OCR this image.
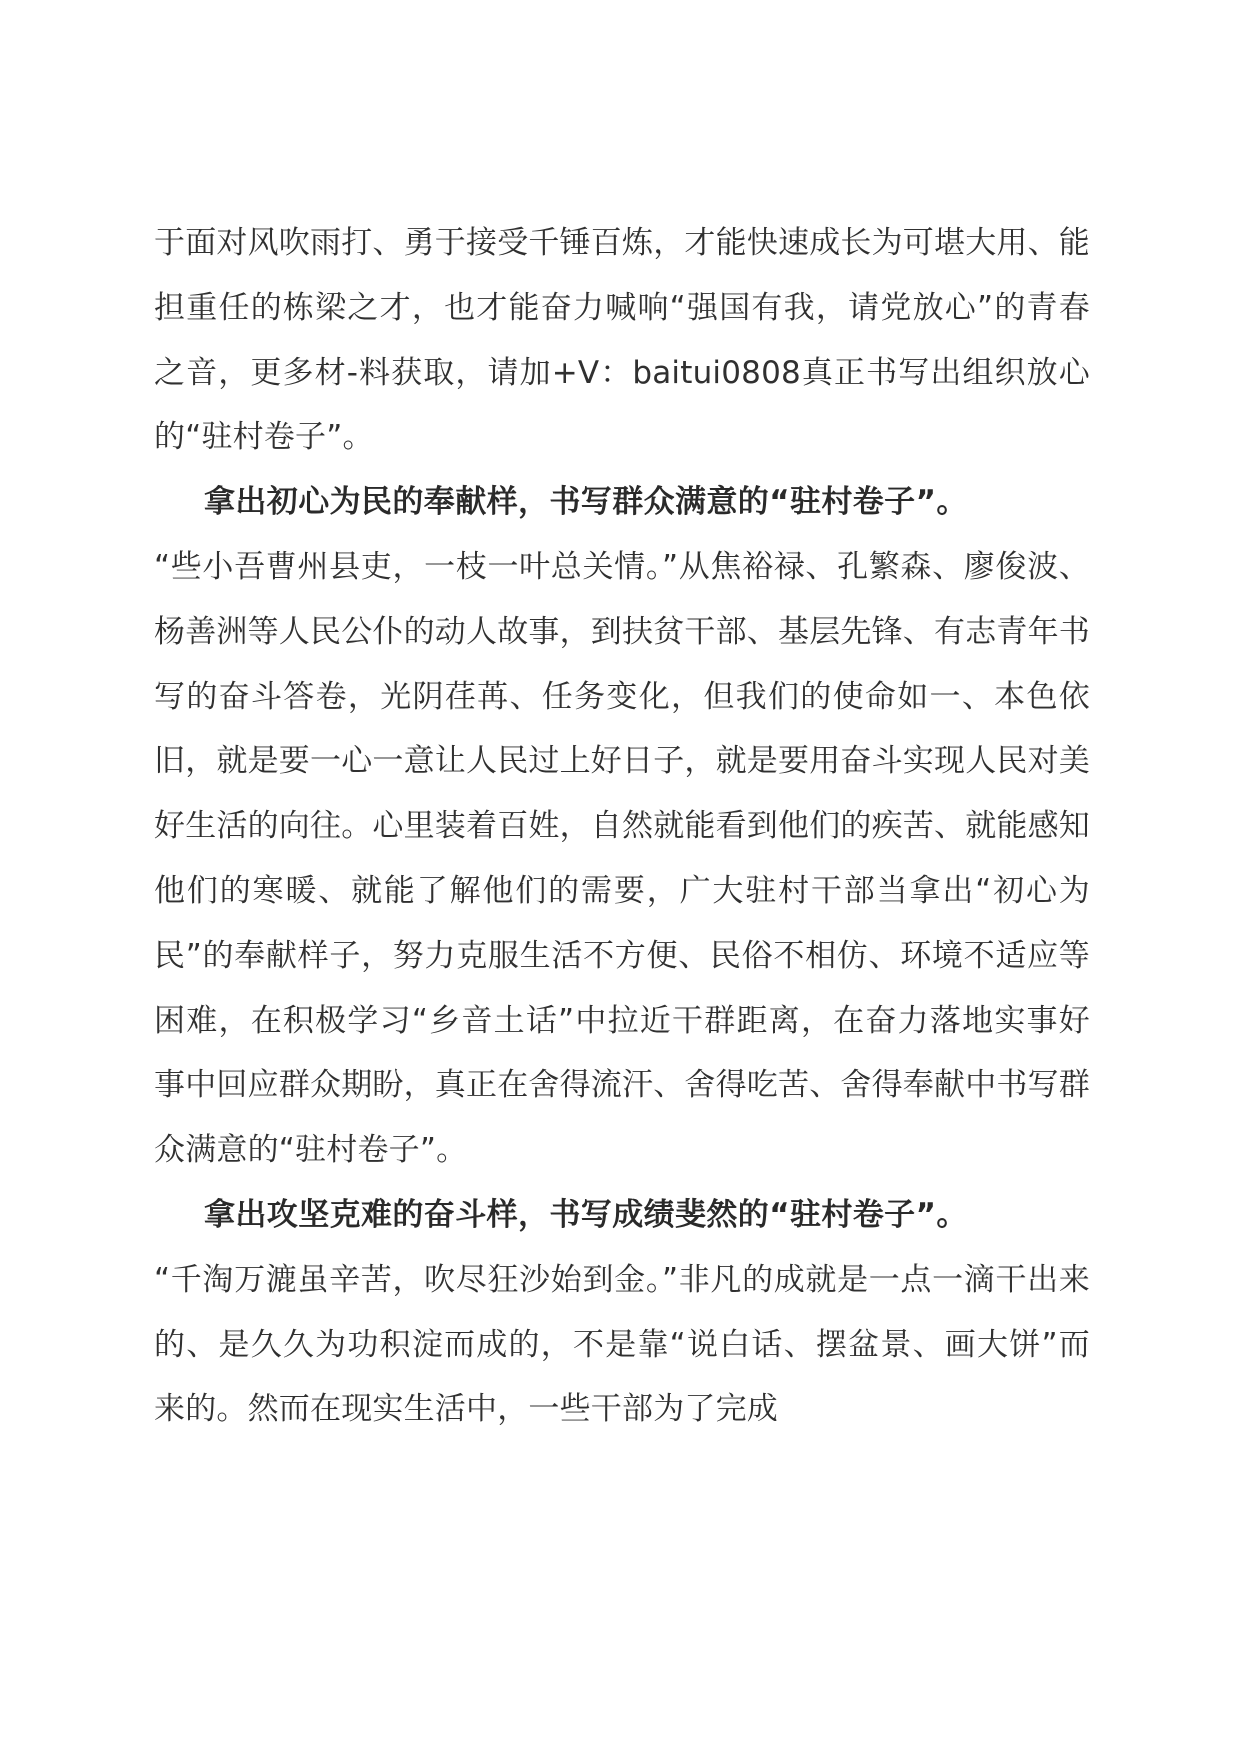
于面对风吹雨打、勇于接受千锤百炼，才能快速成长为可堪大用、能担重任的栋梁之才，也才能奋力喊响“强国有我，请党放心”的青春之音，更多材-料获取，请加+V：baitui0808真正书写出组织放心的“驻村卷子”。

拿出初心为民的奉献样，书写群众满意的“驻村卷子”。

“些小吾曹州县吏，一枝一叶总关情。”从焦裕禄、孔繁森、廖俊波、杨善洲等人民公仆的动人故事，到扶贫干部、基层先锋、有志青年书写的奋斗答卷，光阴荏苒、任务变化，但我们的使命如一、本色依旧，就是要一心一意让人民过上好日子，就是要用奋斗实现人民对美好生活的向往。心里装着百姓，自然就能看到他们的疾苦、就能感知他们的寒暖、就能了解他们的需要，广大驻村干部当拿出“初心为民”的奉献样子，努力克服生活不方便、民俗不相仿、环境不适应等困难，在积极学习“乡音土话”中拉近干群距离，在奋力落地实事好事中回应群众期盼，真正在舍得流汗、舍得吃苦、舍得奉献中书写群众满意的“驻村卷子”。

拿出攻坚克难的奋斗样，书写成绩斐然的“驻村卷子”。

“千淘万漉虽辛苦，吹尽狂沙始到金。”非凡的成就是一点一滴干出来的、是久久为功积淀而成的，不是靠“说白话、摆盆景、画大饼”而来的。然而在现实生活中，一些干部为了完成
